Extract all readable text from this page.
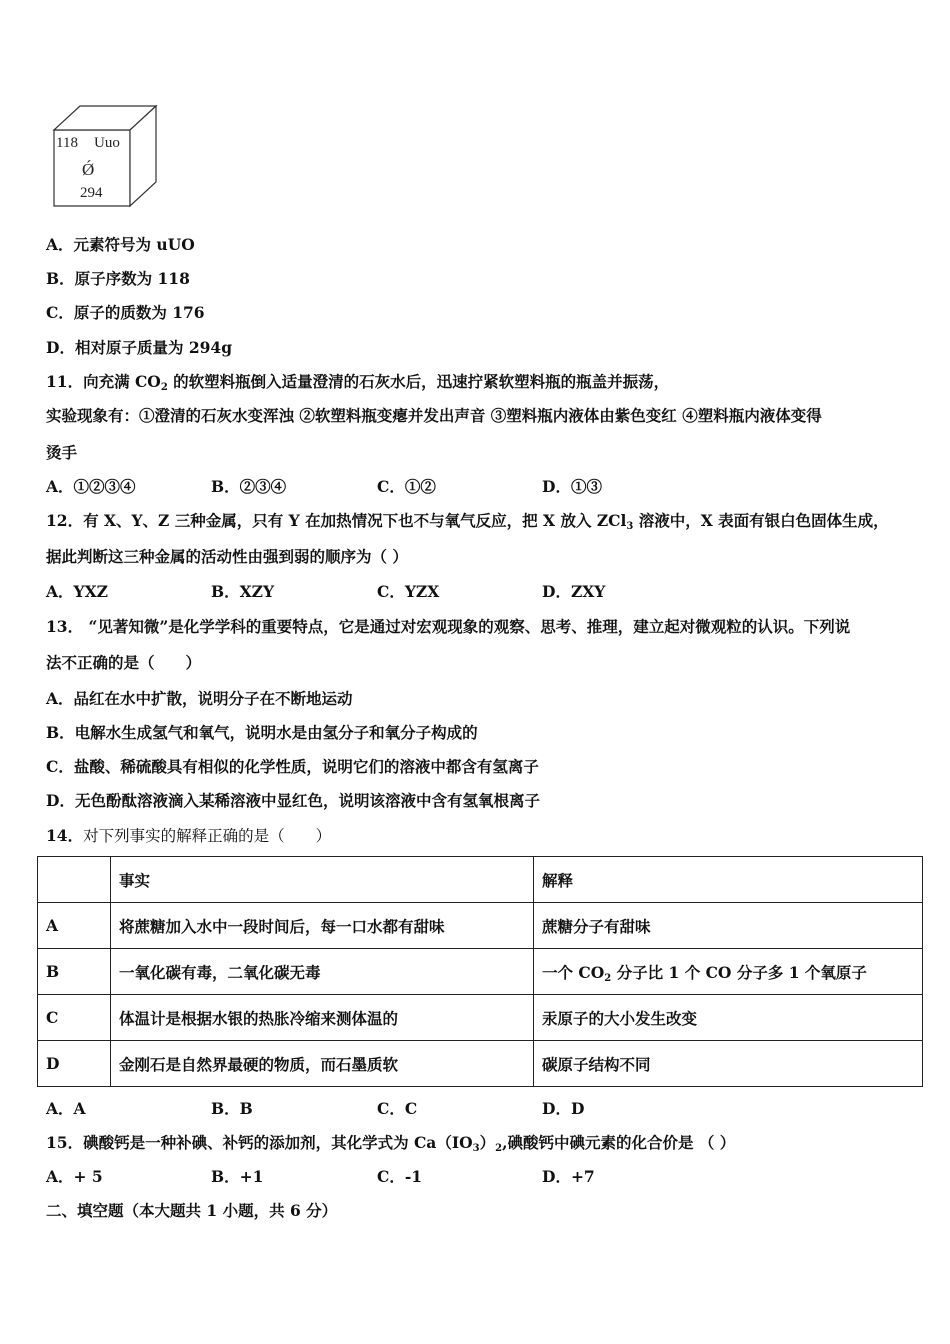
118 Uuo
Ǿ
294
A．元素符号为 uUO
B．原子序数为 118
C．原子的质数为 176
D．相对原子质量为 294g
11．向充满 $CO_2$ 的软塑料瓶倒入适量澄清的石灰水后，迅速拧紧软塑料瓶的瓶盖并振荡，
实验现象有：①澄清的石灰水变浑浊 ②软塑料瓶变瘪并发出声音 ③塑料瓶内液体由紫色变红 ④塑料瓶内液体变得
烫手
A．①②③④	B．②③④	C．①②	D．①③
12．有 X、Y、Z 三种金属，只有 Y 在加热情况下也不与氧气反应，把 X 放入 ZCl$_3$ 溶液中，X 表面有银白色固体生成，
据此判断这三种金属的活动性由强到弱的顺序为（ ）
A．YXZ	B．XZY	C．YZX	D．ZXY
13． “见著知微”是化学学科的重要特点，它是通过对宏观现象的观察、思考、推理，建立起对微观粒的认识。下列说
法不正确的是（　　）
A．品红在水中扩散，说明分子在不断地运动
B．电解水生成氢气和氧气，说明水是由氢分子和氧分子构成的
C．盐酸、稀硫酸具有相似的化学性质，说明它们的溶液中都含有氢离子
D．无色酚酞溶液滴入某稀溶液中显红色，说明该溶液中含有氢氧根离子
14．对下列事实的解释正确的是（　　）
	事实	解释
A	将蔗糖加入水中一段时间后，每一口水都有甜味	蔗糖分子有甜味
B	一氧化碳有毒，二氧化碳无毒	一个 $CO_2$ 分子比 1 个 CO 分子多 1 个氧原子
C	体温计是根据水银的热胀冷缩来测体温的	汞原子的大小发生改变
D	金刚石是自然界最硬的物质，而石墨质软	碳原子结构不同
A．A	B．B	C．C	D．D
15．碘酸钙是一种补碘、补钙的添加剂，其化学式为 $Ca(IO_3)_2$,碘酸钙中碘元素的化合价是 （ ）
A．+ 5	B．+1	C．-1	D．+7
二、填空题（本大题共 1 小题，共 6 分）
